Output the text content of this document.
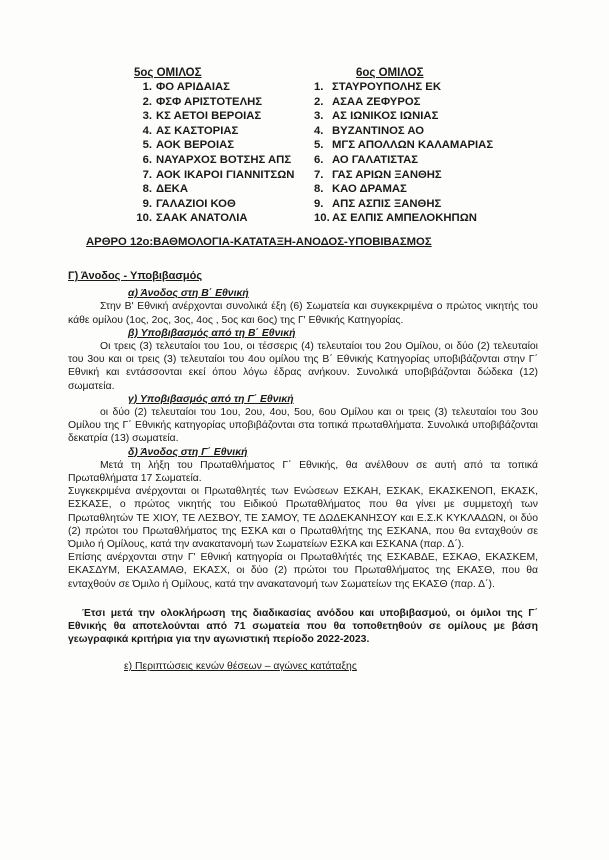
5ος ΟΜΙΛΟΣ
1. ΦΟ ΑΡΙΔΑΙΑΣ
2. ΦΣΦ ΑΡΙΣΤΟΤΕΛΗΣ
3. ΚΣ ΑΕΤΟΙ ΒΕΡΟΙΑΣ
4. ΑΣ ΚΑΣΤΟΡΙΑΣ
5. ΑΟΚ ΒΕΡΟΙΑΣ
6. ΝΑΥΑΡΧΟΣ ΒΟΤΣΗΣ ΑΠΣ
7. ΑΟΚ ΙΚΑΡΟΙ ΓΙΑΝΝΙΤΣΩΝ
8. ΔΕΚΑ
9. ΓΑΛΑΖΙΟΙ ΚΟΘ
10. ΣΑΑΚ ΑΝΑΤΟΛΙΑ
6ος ΟΜΙΛΟΣ
1. ΣΤΑΥΡΟΥΠΟΛΗΣ ΕΚ
2. ΑΣΑΑ ΖΕΦΥΡΟΣ
3. ΑΣ ΙΩΝΙΚΟΣ ΙΩΝΙΑΣ
4. ΒΥΖΑΝΤΙΝΟΣ ΑΟ
5. ΜΓΣ ΑΠΟΛΛΩΝ ΚΑΛΑΜΑΡΙΑΣ
6. ΑΟ ΓΑΛΑΤΙΣΤΑΣ
7. ΓΑΣ ΑΡΙΩΝ ΞΑΝΘΗΣ
8. ΚΑΟ ΔΡΑΜΑΣ
9. ΑΠΣ ΑΣΠΙΣ ΞΑΝΘΗΣ
10. ΑΣ ΕΛΠΙΣ ΑΜΠΕΛΟΚΗΠΩΝ
ΑΡΘΡΟ 12ο:ΒΑΘΜΟΛΟΓΙΑ-ΚΑΤΑΤΑΞΗ-ΑΝΟΔΟΣ-ΥΠΟΒΙΒΑΣΜΟΣ
Γ) Άνοδος - Υποβιβασμός
α) Άνοδος στη Β΄ Εθνική
Στην Β' Εθνική ανέρχονται συνολικά έξη (6) Σωματεία και συγκεκριμένα ο πρώτος νικητής του κάθε ομίλου (1ος, 2ος, 3ος, 4ος , 5ος και 6ος) της Γ' Εθνικής Κατηγορίας.
β) Υποβιβασμός από τη Β΄ Εθνική
Οι τρεις (3) τελευταίοι του 1ου, οι τέσσερις (4) τελευταίοι του 2ου Ομίλου, οι δύο (2) τελευταίοι του 3ου και οι τρεις (3) τελευταίοι του 4ου ομίλου της Β΄ Εθνικής Κατηγορίας υποβιβάζονται στην Γ΄ Εθνική και εντάσσονται εκεί όπου λόγω έδρας ανήκουν. Συνολικά υποβιβάζονται δώδεκα (12) σωματεία.
γ) Υποβιβασμός από τη Γ΄ Εθνική
οι δύο (2) τελευταίοι του 1ου, 2ου, 4ου, 5ου, 6ου Ομίλου και οι τρεις (3) τελευταίοι του 3ου Ομίλου της Γ΄ Εθνικής κατηγορίας υποβιβάζονται στα τοπικά πρωταθλήματα. Συνολικά υποβιβάζονται δεκατρία (13) σωματεία.
δ) Άνοδος στη Γ΄ Εθνική
Μετά τη λήξη του Πρωταθλήματος Γ΄ Εθνικής, θα ανέλθουν σε αυτή από τα τοπικά Πρωταθλήματα 17 Σωματεία.
Συγκεκριμένα ανέρχονται οι Πρωταθλητές των Ενώσεων ΕΣΚΑΗ, ΕΣΚΑΚ, ΕΚΑΣΚΕΝΟΠ, ΕΚΑΣΚ, ΕΣΚΑΣΕ, ο πρώτος νικητής του Ειδικού Πρωταθλήματος που θα γίνει με συμμετοχή των Πρωταθλητών ΤΕ ΧΙΟΥ, ΤΕ ΛΕΣΒΟΥ, ΤΕ ΣΑΜΟΥ, ΤΕ ΔΩΔΕΚΑΝΗΣΟΥ και Ε.Σ.Κ ΚΥΚΛΑΔΩΝ, οι δύο (2) πρώτοι του Πρωταθλήματος της ΕΣΚΑ και ο Πρωταθλήτης της ΕΣΚΑΝΑ, που θα ενταχθούν σε Όμιλο ή Ομίλους, κατά την ανακατανομή των Σωματείων ΕΣΚΑ και ΕΣΚΑΝΑ (παρ. Δ΄).
Επίσης ανέρχονται στην Γ' Εθνική κατηγορία οι Πρωταθλήτές της ΕΣΚΑΒΔΕ, ΕΣΚΑΘ, ΕΚΑΣΚΕΜ, ΕΚΑΣΔΥΜ, ΕΚΑΣΑΜΑΘ, ΕΚΑΣΧ, οι δύο (2) πρώτοι του Πρωταθλήματος της ΕΚΑΣΘ, που θα ενταχθούν σε Όμιλο ή Ομίλους, κατά την ανακατανομή των Σωματείων της ΕΚΑΣΘ (παρ. Δ΄).
Έτσι μετά την ολοκλήρωση της διαδικασίας ανόδου και υποβιβασμού, οι όμιλοι της Γ΄ Εθνικής θα αποτελούνται από 71 σωματεία που θα τοποθετηθούν σε ομίλους με βάση γεωγραφικά κριτήρια για την αγωνιστική περίοδο 2022-2023.
ε) Περιπτώσεις κενών θέσεων – αγώνες κατάταξης
